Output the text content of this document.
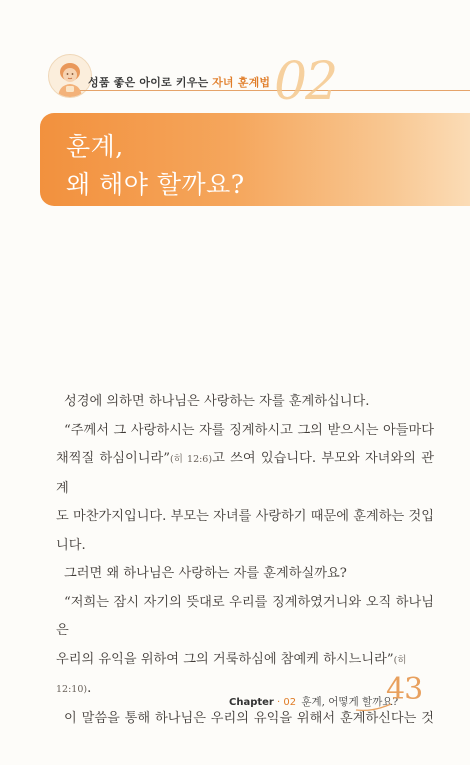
성품 좋은 아이로 키우는 자녀 훈계법 02
훈계,
왜 해야 할까요?

성경에 의하면 하나님은 사랑하는 자를 훈계하십니다.

“주께서 그 사랑하시는 자를 징계하시고 그의 받으시는 아들마다

채찍질 하심이니라”(히 12:6)고 쓰여 있습니다. 부모와 자녀와의 관계

도 마찬가지입니다. 부모는 자녀를 사랑하기 때문에 훈계하는 것입

니다.

그러면 왜 하나님은 사랑하는 자를 훈계하실까요?

“저희는 잠시 자기의 뜻대로 우리를 징계하였거니와 오직 하나님은

우리의 유익을 위하여 그의 거룩하심에 참예케 하시느니라”(히 12:10).

이 말씀을 통해 하나님은 우리의 유익을 위해서 훈계하신다는 것

Chapter · 02 훈계, 어떻게 할까요?
43
